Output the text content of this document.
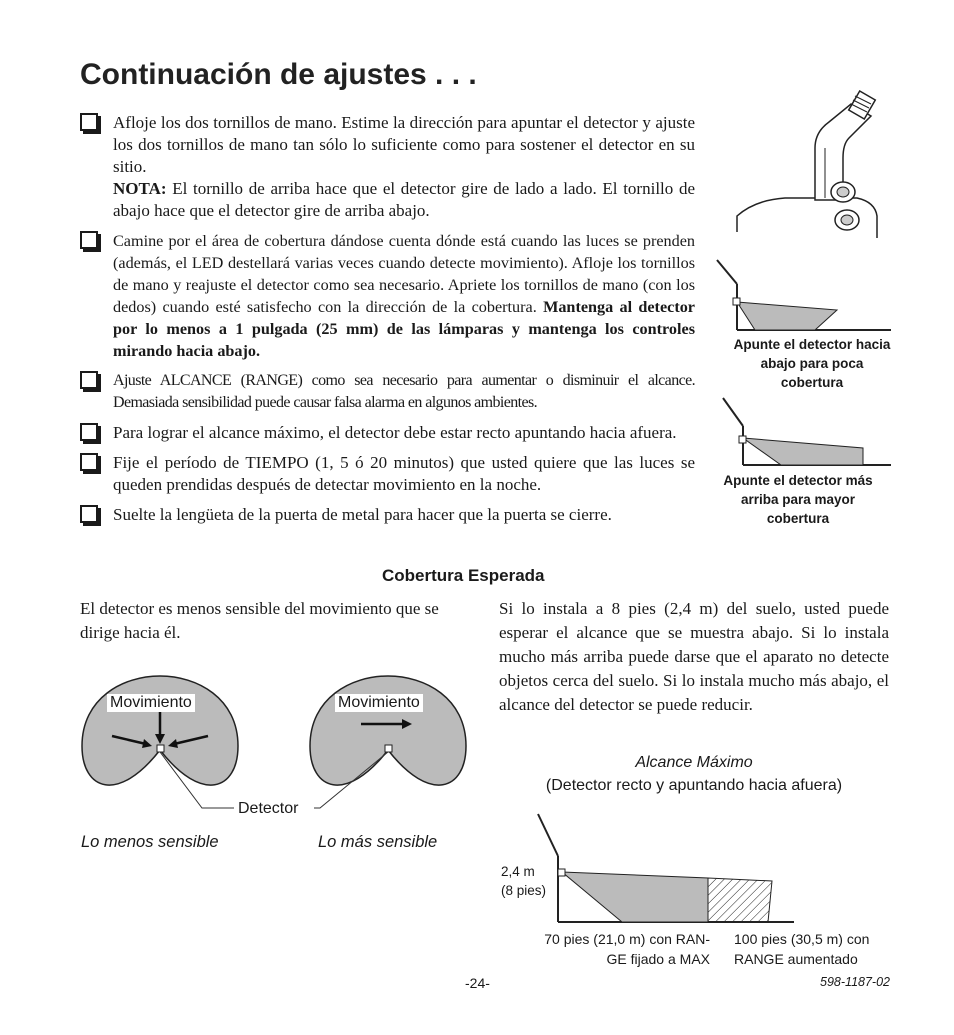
Continuación de ajustes . . .
Afloje los dos tornillos de mano. Estime la dirección para apuntar el detector y ajuste los dos tornillos de mano tan sólo lo suficiente como para sostener el detector en su sitio.
NOTA: El tornillo de arriba hace que el detector gire de lado a lado. El tornillo de abajo hace que el detector gire de arriba abajo.
Camine por el área de cobertura dándose cuenta dónde está cuando las luces se prenden (además, el LED destellará varias veces cuando detecte movimiento). Afloje los tornillos de mano y reajuste el detector como sea necesario. Apriete los tornillos de mano (con los dedos) cuando esté satisfecho con la dirección de la cobertura. Mantenga al detector por lo menos a 1 pulgada (25 mm) de las lámparas y mantenga los controles mirando hacia abajo.
Ajuste ALCANCE (RANGE) como sea necesario para aumentar o disminuir el alcance. Demasiada sensibilidad puede causar falsa alarma en algunos ambientes.
Para lograr el alcance máximo, el detector debe estar recto apuntando hacia afuera.
Fije el período de TIEMPO (1, 5 ó 20 minutos) que usted quiere que las luces se queden prendidas después de detectar movimiento en la noche.
Suelte la lengüeta de la puerta de metal para hacer que la puerta se cierre.
Apunte el detector hacia abajo para poca cobertura
Apunte el detector más arriba para mayor cobertura
Cobertura Esperada
El detector es menos sensible del movimiento que se dirige hacia él.
Si lo instala a 8 pies (2,4 m) del suelo, usted puede esperar el alcance que se muestra abajo. Si lo instala mucho más arriba puede darse que el aparato no detecte objetos cerca del suelo. Si lo instala mucho más abajo, el alcance del detector se puede reducir.
Movimiento	Movimiento
Detector
Lo menos sensible	Lo más sensible
Alcance Máximo
(Detector recto y apuntando hacia afuera)
2,4 m
(8 pies)
70 pies (21,0 m) con RAN-
GE fijado a MAX
100 pies (30,5 m) con
RANGE aumentado
-24-	598-1187-02
